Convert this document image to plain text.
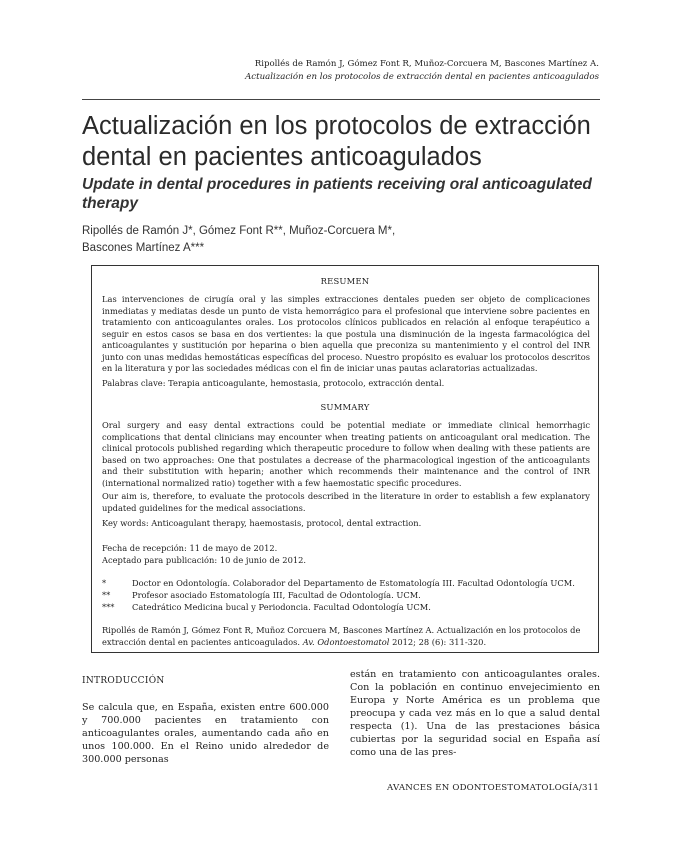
Ripollés de Ramón J, Gómez Font R, Muñoz-Corcuera M, Bascones Martínez A.
Actualización en los protocolos de extracción dental en pacientes anticoagulados
Actualización en los protocolos de extracción dental en pacientes anticoagulados
Update in dental procedures in patients receiving oral anticoagulated therapy
Ripollés de Ramón J*, Gómez Font R**, Muñoz-Corcuera M*,
Bascones Martínez A***
RESUMEN
Las intervenciones de cirugía oral y las simples extracciones dentales pueden ser objeto de complicaciones inmediatas y mediatas desde un punto de vista hemorrágico para el profesional que interviene sobre pacientes en tratamiento con anticoagulantes orales. Los protocolos clínicos publicados en relación al enfoque terapéutico a seguir en estos casos se basa en dos vertientes: la que postula una disminución de la ingesta farmacológica del anticoagulantes y sustitución por heparina o bien aquella que preconiza su mantenimiento y el control del INR junto con unas medidas hemostáticas específicas del proceso. Nuestro propósito es evaluar los protocolos descritos en la literatura y por las sociedades médicas con el fin de iniciar unas pautas aclaratorias actualizadas.
Palabras clave: Terapia anticoagulante, hemostasia, protocolo, extracción dental.
SUMMARY
Oral surgery and easy dental extractions could be potential mediate or immediate clinical hemorrhagic complications that dental clinicians may encounter when treating patients on anticoagulant oral medication. The clinical protocols published regarding which therapeutic procedure to follow when dealing with these patients are based on two approaches: One that postulates a decrease of the pharmacological ingestion of the anticoagulants and their substitution with heparin; another which recommends their maintenance and the control of INR (international normalized ratio) together with a few haemostatic specific procedures.
Our aim is, therefore, to evaluate the protocols described in the literature in order to establish a few explanatory updated guidelines for the medical associations.
Key words: Anticoagulant therapy, haemostasis, protocol, dental extraction.
Fecha de recepción: 11 de mayo de 2012.
Aceptado para publicación: 10 de junio de 2012.
*	Doctor en Odontología. Colaborador del Departamento de Estomatología III. Facultad Odontología UCM.
**	Profesor asociado Estomatología III, Facultad de Odontología. UCM.
*** Catedrático Medicina bucal y Periodoncia. Facultad Odontología UCM.
Ripollés de Ramón J, Gómez Font R, Muñoz Corcuera M, Bascones Martínez A. Actualización en los protocolos de extracción dental en pacientes anticoagulados. Av. Odontoestomatol 2012; 28 (6): 311-320.
INTRODUCCIÓN
Se calcula que, en España, existen entre 600.000 y 700.000 pacientes en tratamiento con anticoagulantes orales, aumentando cada año en unos 100.000. En el Reino unido alrededor de 300.000 personas
están en tratamiento con anticoagulantes orales. Con la población en continuo envejecimiento en Europa y Norte América es un problema que preocupa y cada vez más en lo que a salud dental respecta (1). Una de las prestaciones básica cubiertas por la seguridad social en España así como una de las pres-
AVANCES EN ODONTOESTOMATOLOGÍA/311
